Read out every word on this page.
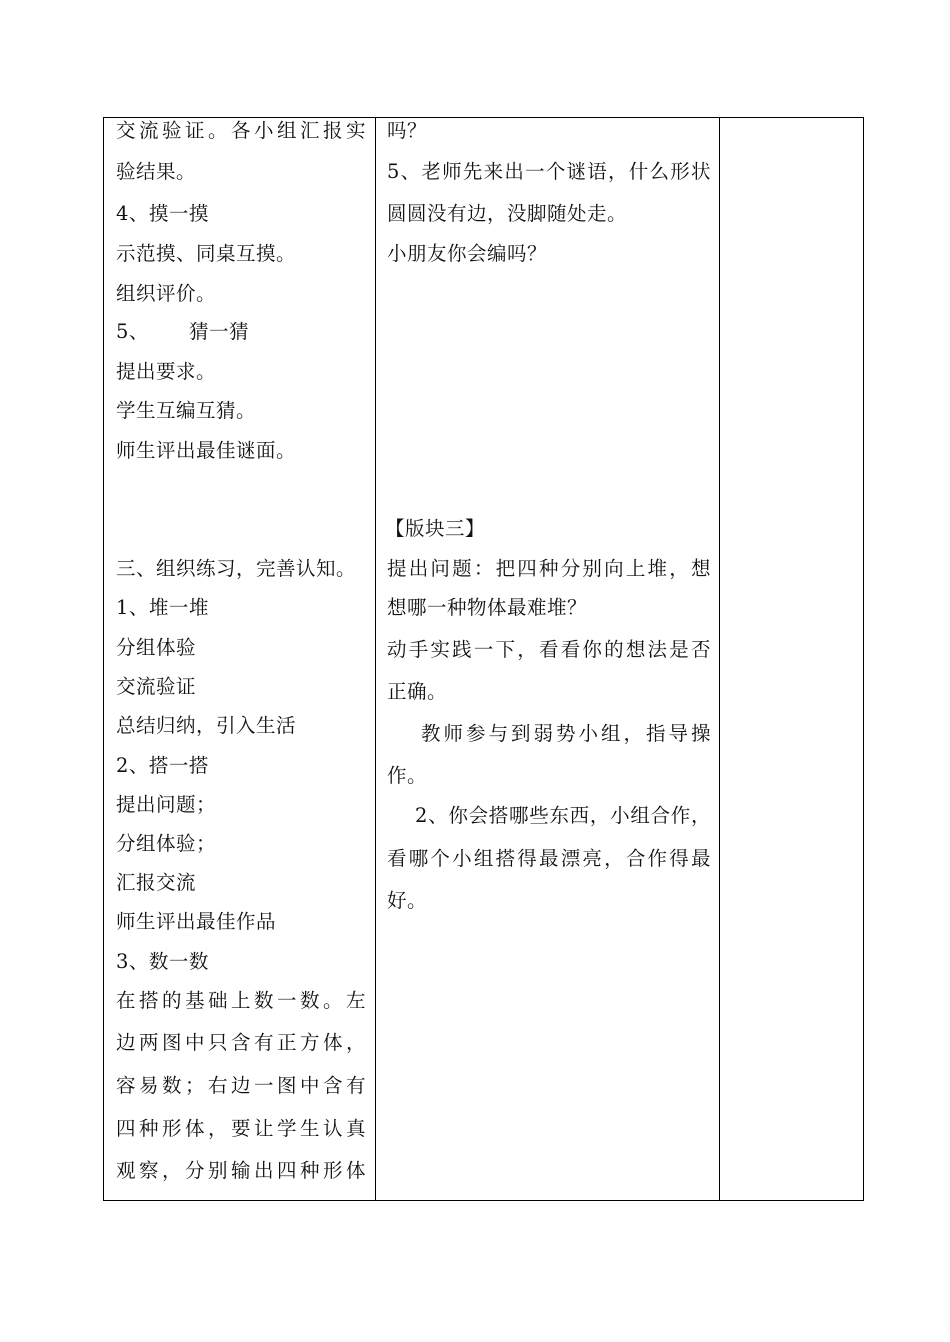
交流验证。各小组汇报实
验结果。
4、摸一摸
示范摸、同桌互摸。
组织评价。
5、      猜一猜
提出要求。
学生互编互猜。
师生评出最佳谜面。
三、组织练习，完善认知。
1、堆一堆
分组体验
交流验证
总结归纳，引入生活
2、搭一搭
提出问题；
分组体验；
汇报交流
师生评出最佳作品
3、数一数
在搭的基础上数一数。左
边两图中只含有正方体，
容易数；右边一图中含有
四种形体，要让学生认真
观察，分别输出四种形体
吗？
5、老师先来出一个谜语，什么形状
圆圆没有边，没脚随处走。
小朋友你会编吗？
【版块三】
提出问题：把四种分别向上堆，想
想哪一种物体最难堆？
动手实践一下，看看你的想法是否
正确。
教师参与到弱势小组，指导操
作。
2、你会搭哪些东西，小组合作，
看哪个小组搭得最漂亮，合作得最
好。
